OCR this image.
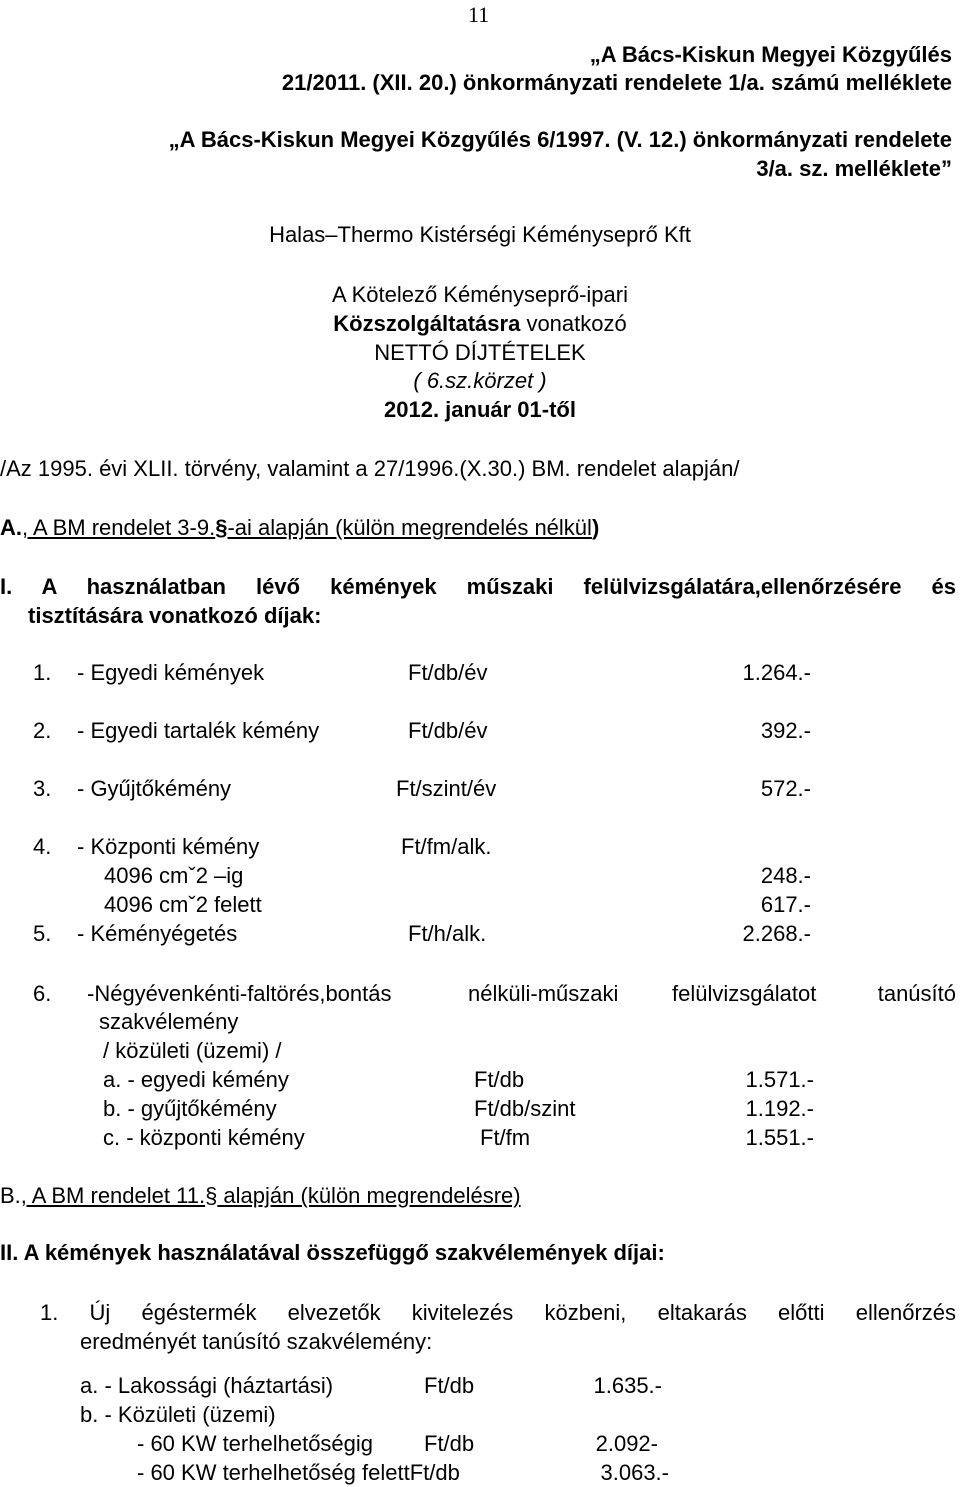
11
„A Bács-Kiskun Megyei Közgyűlés
21/2011. (XII. 20.) önkormányzati rendelete 1/a. számú melléklete
„A Bács-Kiskun Megyei Közgyűlés 6/1997. (V. 12.) önkormányzati rendelete
3/a. sz. melléklete”
Halas–Thermo Kistérségi Kéményseprő Kft
A Kötelező Kéményseprő-ipari
Közszolgáltatásra vonatkozó
NETTÓ DÍJTÉTELEK
( 6.sz.körzet )
2012. január 01-től
/Az 1995. évi XLII. törvény, valamint a 27/1996.(X.30.) BM. rendelet alapján/
A., A BM rendelet 3-9.§-ai alapján (külön megrendelés nélkül)
I. A használatban lévő kémények műszaki felülvizsgálatára,ellenőrzésére és
tisztítására vonatkozó díjak:
1. - Egyedi kémények	Ft/db/év	1.264.-
2. - Egyedi tartalék kémény	Ft/db/év	392.-
3. - Gyűjtőkémény	Ft/szint/év	572.-
4. - Központi kémény	Ft/fm/alk.
4096 cmˇ2 –ig	248.-
4096 cmˇ2 felett	617.-
5. - Kéményégetés	Ft/h/alk.	2.268.-
6. -Négyévenkénti-faltörés,bontás	nélküli-műszaki felülvizsgálatot	tanúsító
szakvélemény
/ közületi (üzemi) /
a. - egyedi kémény	Ft/db	1.571.-
b. - gyűjtőkémény	Ft/db/szint	1.192.-
c. - központi kémény	Ft/fm	1.551.-
B., A BM rendelet 11.§ alapján (külön megrendelésre)
II. A kémények használatával összefüggő szakvélemények díjai:
1. Új égéstermék elvezetők kivitelezés közbeni, eltakarás előtti ellenőrzés
eredményét tanúsító szakvélemény:
a. - Lakossági (háztartási)	Ft/db	1.635.-
b. - Közületi (üzemi)
- 60 KW terhelhetőségig Ft/db	2.092-
- 60 KW terhelhetőség felettFt/db	3.063.-
